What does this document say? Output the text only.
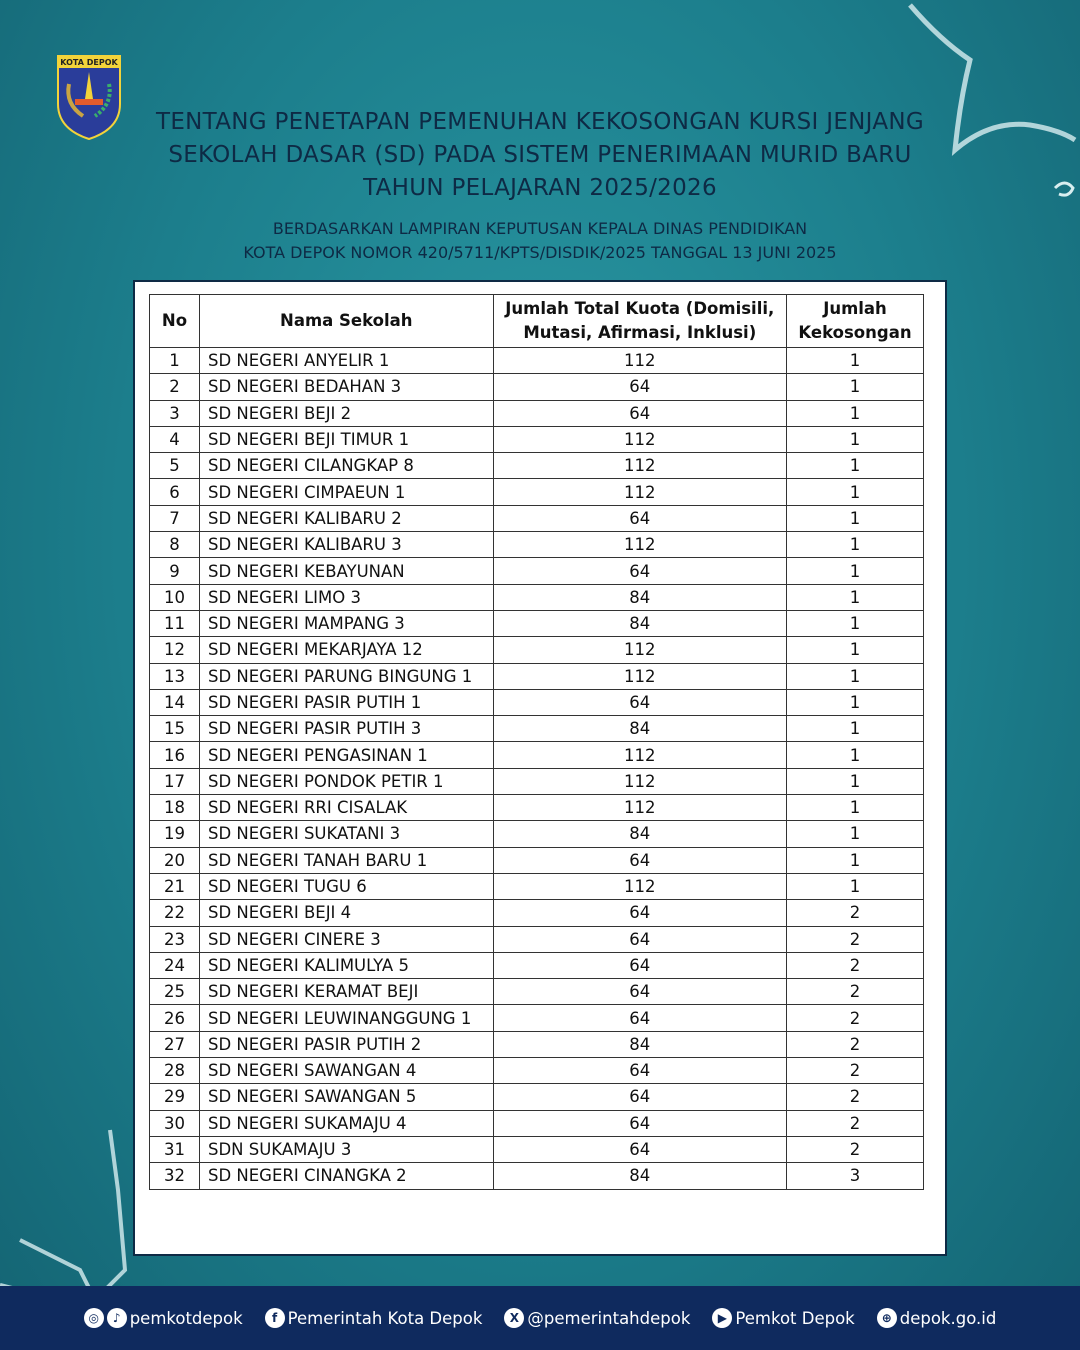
KOTA DEPOK
TENTANG PENETAPAN PEMENUHAN KEKOSONGAN KURSI JENJANG SEKOLAH DASAR (SD) PADA SISTEM PENERIMAAN MURID BARU TAHUN PELAJARAN 2025/2026
BERDASARKAN LAMPIRAN KEPUTUSAN KEPALA DINAS PENDIDIKAN
KOTA DEPOK NOMOR 420/5711/KPTS/DISDIK/2025 TANGGAL 13 JUNI 2025
No	Nama Sekolah	Jumlah Total Kuota (Domisili, Mutasi, Afirmasi, Inklusi)	Jumlah Kekosongan
1	SD NEGERI ANYELIR 1	112	1
2	SD NEGERI BEDAHAN 3	64	1
3	SD NEGERI BEJI 2	64	1
4	SD NEGERI BEJI TIMUR 1	112	1
5	SD NEGERI CILANGKAP 8	112	1
6	SD NEGERI CIMPAEUN 1	112	1
7	SD NEGERI KALIBARU 2	64	1
8	SD NEGERI KALIBARU 3	112	1
9	SD NEGERI KEBAYUNAN	64	1
10	SD NEGERI LIMO 3	84	1
11	SD NEGERI MAMPANG 3	84	1
12	SD NEGERI MEKARJAYA 12	112	1
13	SD NEGERI PARUNG BINGUNG 1	112	1
14	SD NEGERI PASIR PUTIH 1	64	1
15	SD NEGERI PASIR PUTIH 3	84	1
16	SD NEGERI PENGASINAN 1	112	1
17	SD NEGERI PONDOK PETIR 1	112	1
18	SD NEGERI RRI CISALAK	112	1
19	SD NEGERI SUKATANI 3	84	1
20	SD NEGERI TANAH BARU 1	64	1
21	SD NEGERI TUGU 6	112	1
22	SD NEGERI BEJI 4	64	2
23	SD NEGERI CINERE 3	64	2
24	SD NEGERI KALIMULYA 5	64	2
25	SD NEGERI KERAMAT BEJI	64	2
26	SD NEGERI LEUWINANGGUNG 1	64	2
27	SD NEGERI PASIR PUTIH 2	84	2
28	SD NEGERI SAWANGAN 4	64	2
29	SD NEGERI SAWANGAN 5	64	2
30	SD NEGERI SUKAMAJU 4	64	2
31	SDN SUKAMAJU 3	64	2
32	SD NEGERI CINANGKA 2	84	3
◎	♪ pemkotdepok	f Pemerintah Kota Depok	X @pemerintahdepok	▶ Pemkot Depok	⊕ depok.go.id
